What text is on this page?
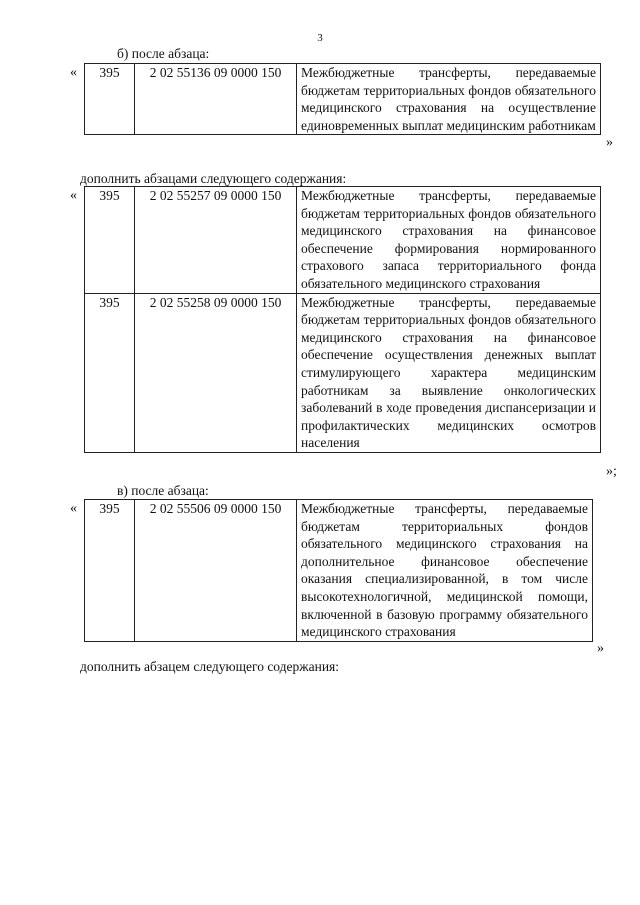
3
б) после абзаца:
« 395	2 02 55136 09 0000 150	Межбюджетные трансферты, передаваемые бюджетам территориальных фондов обязательного медицинского страхования на осуществление единовременных выплат медицинским работникам
»
дополнить абзацами следующего содержания:
« 395	2 02 55257 09 0000 150	Межбюджетные трансферты, передаваемые бюджетам территориальных фондов обязательного медицинского страхования на финансовое обеспечение формирования нормированного страхового запаса территориального фонда обязательного медицинского страхования
395	2 02 55258 09 0000 150	Межбюджетные трансферты, передаваемые бюджетам территориальных фондов обязательного медицинского страхования на финансовое обеспечение осуществления денежных выплат стимулирующего характера медицинским работникам за выявление онкологических заболеваний в ходе проведения диспансеризации и профилактических медицинских осмотров населения
»;
в) после абзаца:
« 395	2 02 55506 09 0000 150	Межбюджетные трансферты, передаваемые бюджетам территориальных фондов обязательного медицинского страхования на дополнительное финансовое обеспечение оказания специализированной, в том числе высокотехнологичной, медицинской помощи, включенной в базовую программу обязательного медицинского страхования
»
дополнить абзацем следующего содержания:
